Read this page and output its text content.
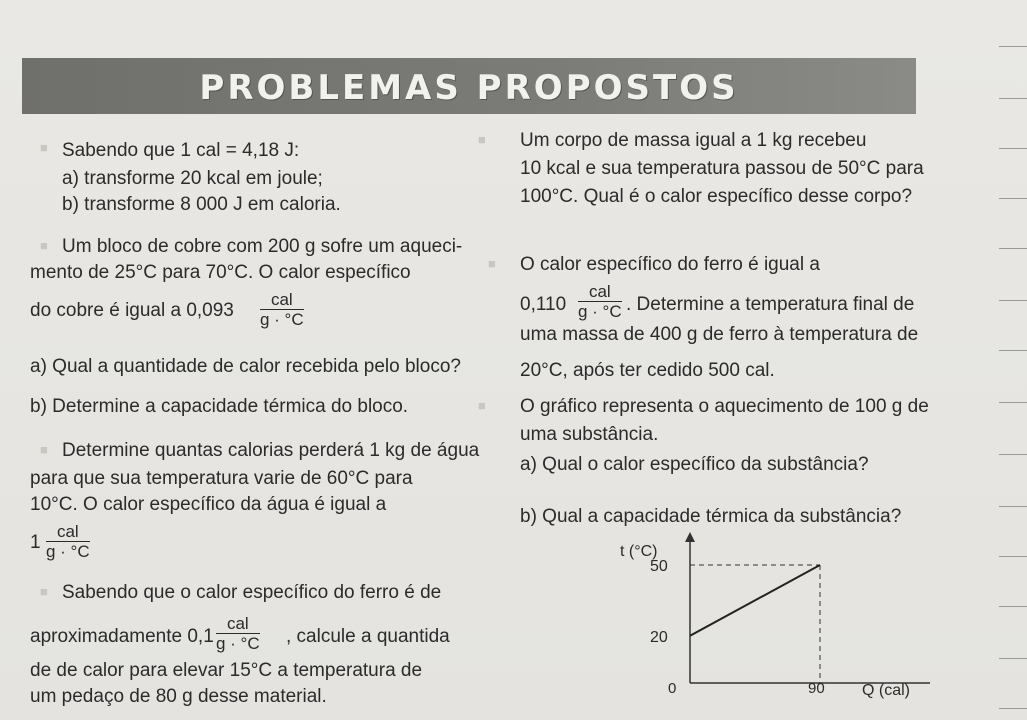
PROBLEMAS PROPOSTOS
■ Sabendo que 1 cal = 4,18 J:
a) transforme 20 kcal em joule;
b) transforme 8 000 J em caloria.
■ Um bloco de cobre com 200 g sofre um aqueci-
mento de 25°C para 70°C. O calor específico
do cobre é igual a 0,093
cal
g · °C
a) Qual a quantidade de calor recebida pelo bloco?
b) Determine a capacidade térmica do bloco.
■ Determine quantas calorias perderá 1 kg de água
para que sua temperatura varie de 60°C para
10°C. O calor específico da água é igual a
1
cal
g · °C
■ Sabendo que o calor específico do ferro é de
aproximadamente 0,1
cal
g · °C , calcule a quantida
de de calor para elevar 15°C a temperatura de
um pedaço de 80 g desse material.
■ Um corpo de massa igual a 1 kg recebeu
10 kcal e sua temperatura passou de 50°C para
100°C. Qual é o calor específico desse corpo?
■ O calor específico do ferro é igual a
0,110
cal
g · °C . Determine a temperatura final de
uma massa de 400 g de ferro à temperatura de
20°C, após ter cedido 500 cal.
■ O gráfico representa o aquecimento de 100 g de
uma substância.
a) Qual o calor específico da substância?
b) Qual a capacidade térmica da substância?
t (°C)
Q (cal)
20
50
0	90
